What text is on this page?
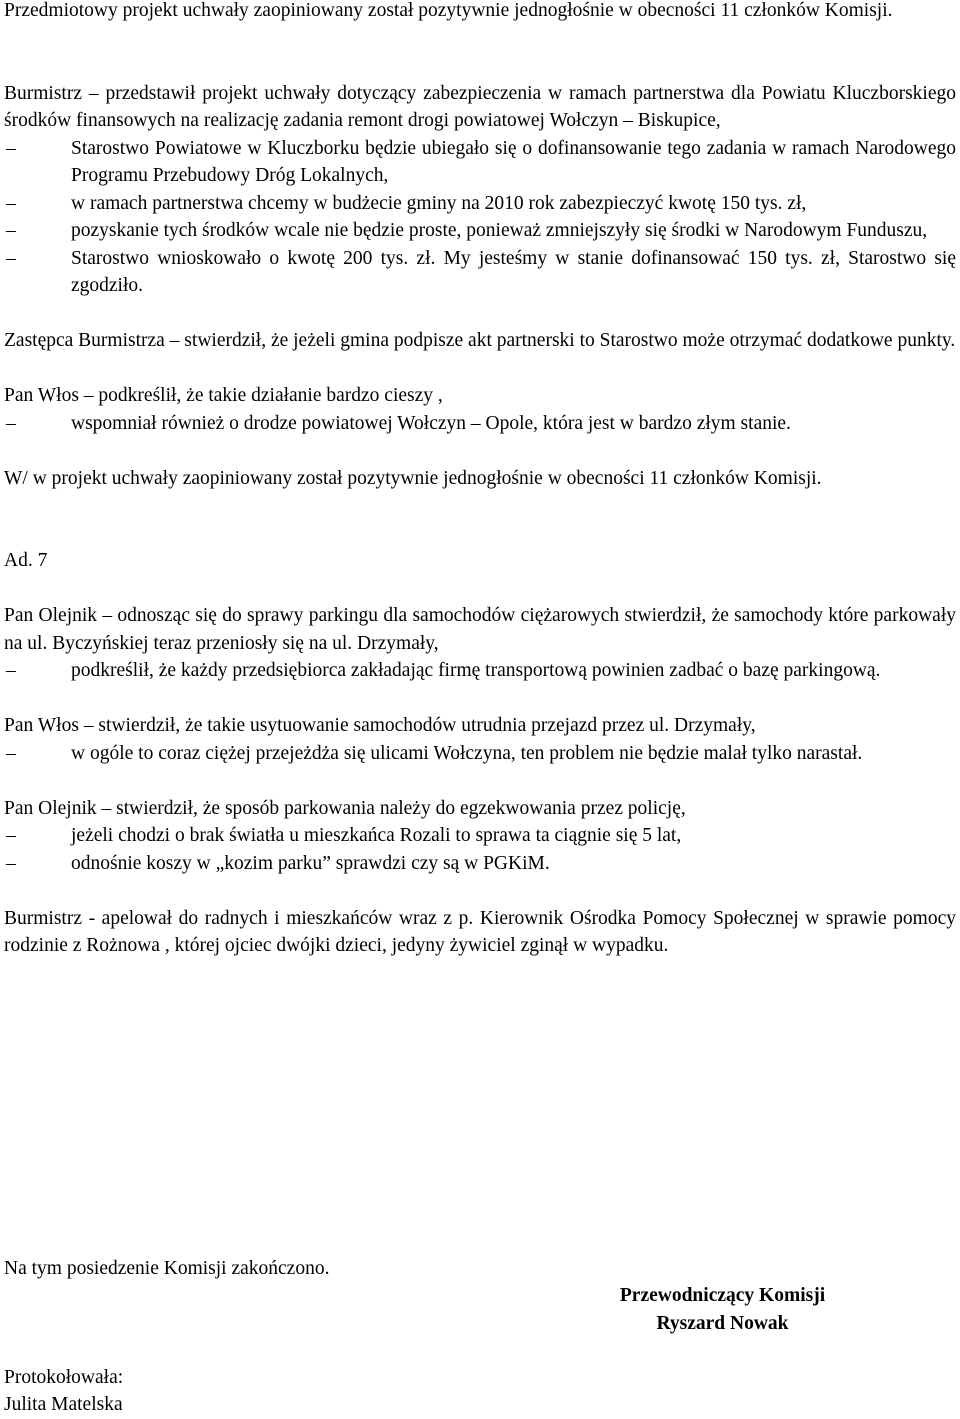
Przedmiotowy projekt uchwały zaopiniowany został pozytywnie jednogłośnie w obecności 11 członków Komisji.

Burmistrz – przedstawił projekt uchwały dotyczący zabezpieczenia w ramach partnerstwa dla Powiatu Kluczborskiego środków finansowych na realizację zadania remont drogi powiatowej Wołczyn – Biskupice,

–	Starostwo Powiatowe w Kluczborku będzie ubiegało się o dofinansowanie tego zadania w ramach Narodowego Programu Przebudowy Dróg Lokalnych,
–	w ramach partnerstwa chcemy w budżecie gminy na 2010 rok zabezpieczyć kwotę 150 tys. zł,
–	pozyskanie tych środków wcale nie będzie proste, ponieważ zmniejszyły się środki w Narodowym Funduszu,
–	Starostwo wnioskowało o kwotę 200 tys. zł. My jesteśmy w stanie dofinansować 150 tys. zł, Starostwo się zgodziło.

Zastępca Burmistrza – stwierdził, że jeżeli gmina podpisze akt partnerski to Starostwo może otrzymać dodatkowe punkty.

Pan Włos – podkreślił, że takie działanie bardzo cieszy ,

–	wspomniał również o drodze powiatowej Wołczyn – Opole, która jest w bardzo złym stanie.

W/ w projekt uchwały zaopiniowany został pozytywnie jednogłośnie w obecności 11 członków Komisji.

Ad. 7

Pan Olejnik – odnosząc się do sprawy parkingu dla samochodów ciężarowych stwierdził, że samochody które parkowały na ul. Byczyńskiej teraz przeniosły się na ul. Drzymały,

–	podkreślił, że każdy przedsiębiorca zakładając firmę transportową powinien zadbać o bazę parkingową.

Pan Włos – stwierdził, że takie usytuowanie samochodów utrudnia przejazd przez ul. Drzymały,

–	w ogóle to coraz ciężej przejeżdża się ulicami Wołczyna, ten problem nie będzie malał tylko narastał.

Pan Olejnik – stwierdził, że sposób parkowania należy do egzekwowania przez policję,

–	jeżeli chodzi o brak światła u mieszkańca Rozali to sprawa ta ciągnie się 5 lat,
–	odnośnie koszy w „kozim parku” sprawdzi czy są w PGKiM.

Burmistrz - apelował do radnych i mieszkańców wraz z p. Kierownik Ośrodka Pomocy Społecznej w sprawie pomocy rodzinie z Rożnowa , której ojciec dwójki dzieci, jedyny żywiciel zginął w wypadku.

Na tym posiedzenie Komisji zakończono.

Przewodniczący Komisji
Ryszard Nowak

Protokołowała:

Julita Matelska
